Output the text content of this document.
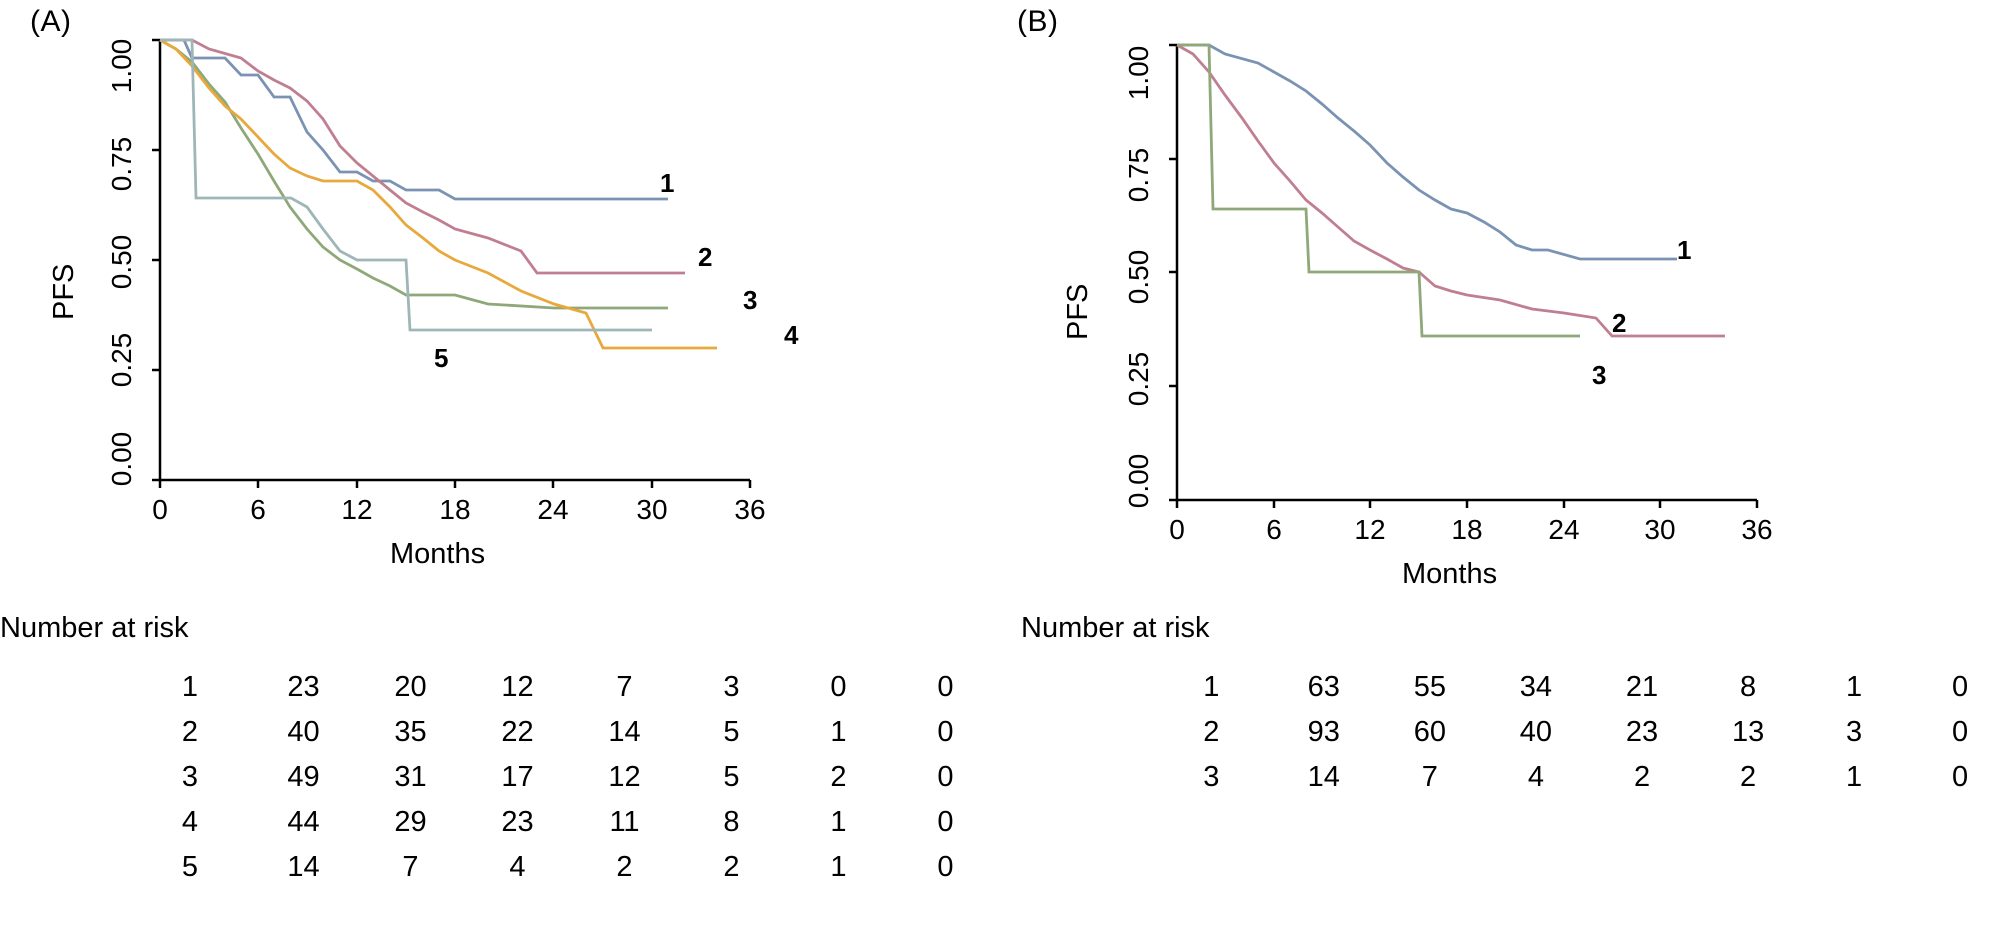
(A)
PFS
0.00
0.25
0.50
0.75
1.00
1
2
3
4
5
0	6	12	18	24	30	36
Months
Number at risk
1	23	20	12	7	3	0	0
2	40	35	22	14	5	1	0
3	49	31	17	12	5	2	0
4	44	29	23	11	8	1	0
5	14	7	4	2	2	1	0
(B)
PFS
0.00
0.25
0.50
0.75
1.00
1
2
3
0	6	12	18	24	30	36
Months
Number at risk
1	63	55	34	21	8	1	0
2	93	60	40	23	13	3	0
3	14	7	4	2	2	1	0
